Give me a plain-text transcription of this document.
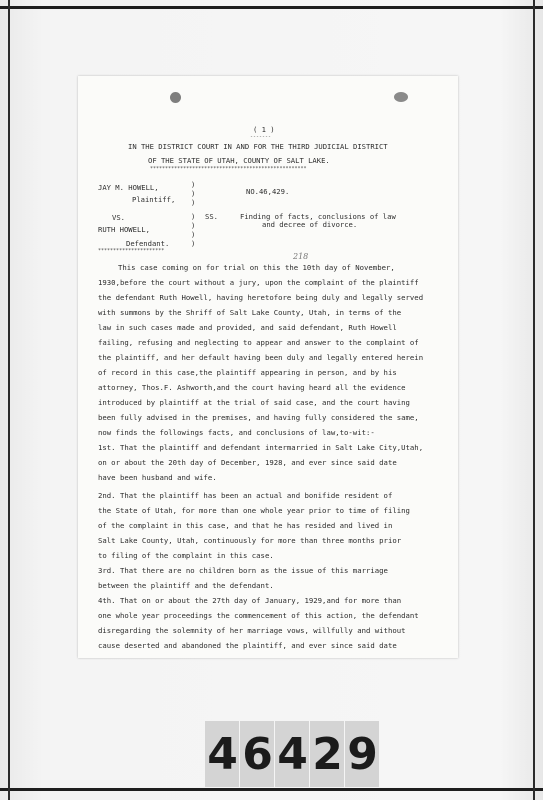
( 1 )
-------
IN THE DISTRICT COURT IN AND FOR THE THIRD JUDICIAL DISTRICT
OF THE STATE OF UTAH, COUNTY OF SALT LAKE.
****************************************************
JAY M. HOWELL,
Plaintiff,
VS.
RUTH HOWELL,
Defendant.
**********************
)
)
)
)
)
)
)
NO.46,429.
SS.	Finding of facts, conclusions of law
and decree of divorce.
218
This case coming on for trial on this the 10th day of November,
1930,before the court without a jury, upon the complaint of the plaintiff
the defendant Ruth Howell, having heretofore being duly and legally served
with summons by the Shriff of Salt Lake County, Utah, in terms of the
law in such cases made and provided, and said defendant, Ruth Howell
failing, refusing and neglecting to appear and answer to the complaint of
the plaintiff, and her default having been duly and legally entered herein
of record in this case,the plaintiff appearing in person, and by his
attorney, Thos.F. Ashworth,and the court having heard all the evidence
introduced by plaintiff at the trial of said case, and the court having
been fully advised in the premises, and having fully considered the same,
now finds the followings facts, and conclusions of law,to-wit:-
1st. That the plaintiff and defendant intermarried in Salt Lake City,Utah,
on or about the 20th day of December, 1928, and ever since said date
have been husband and wife.
2nd. That the plaintiff has been an actual and bonifide resident of
the State of Utah, for more than one whole year prior to time of filing
of the complaint in this case, and that he has resided and lived in
Salt Lake County, Utah, continuously for more than three months prior
to filing of the complaint in this case.
3rd. That there are no children born as the issue of this marriage
between the plaintiff and the defendant.
4th. That on or about the 27th day of January, 1929,and for more than
one whole year proceedings the commencement of this action, the defendant
disregarding the solemnity of her marriage vows, willfully and without
cause deserted and abandoned the plaintiff, and ever since said date
4 6 4 2 9
